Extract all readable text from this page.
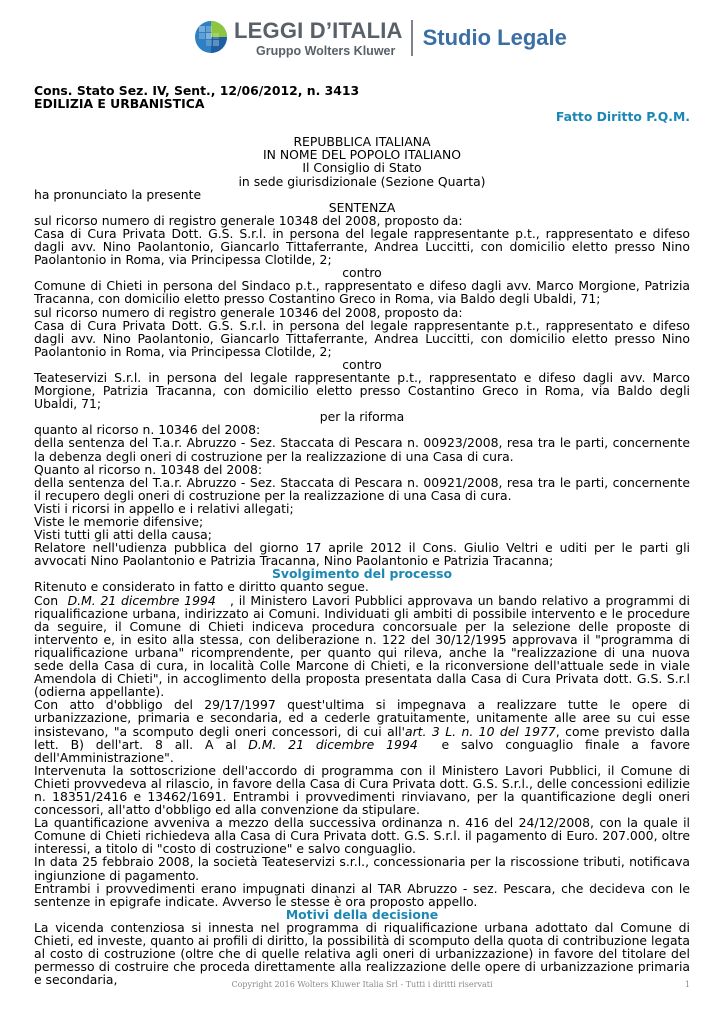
LEGGI D’ITALIA
Gruppo Wolters Kluwer
Studio Legale

Cons. Stato Sez. IV, Sent., 12/06/2012, n. 3413

EDILIZIA E URBANISTICA

Fatto Diritto P.Q.M.

REPUBBLICA ITALIANA

IN NOME DEL POPOLO ITALIANO

Il Consiglio di Stato

in sede giurisdizionale (Sezione Quarta)

ha pronunciato la presente

SENTENZA

sul ricorso numero di registro generale 10348 del 2008, proposto da:

Casa di Cura Privata Dott. G.S. S.r.l. in persona del legale rappresentante p.t., rappresentato e difeso dagli avv. Nino Paolantonio, Giancarlo Tittaferrante, Andrea Luccitti, con domicilio eletto presso Nino Paolantonio in Roma, via Principessa Clotilde, 2;

contro

Comune di Chieti in persona del Sindaco p.t., rappresentato e difeso dagli avv. Marco Morgione, Patrizia Tracanna, con domicilio eletto presso Costantino Greco in Roma, via Baldo degli Ubaldi, 71;

sul ricorso numero di registro generale 10346 del 2008, proposto da:

Casa di Cura Privata Dott. G.S. S.r.l. in persona del legale rappresentante p.t., rappresentato e difeso dagli avv. Nino Paolantonio, Giancarlo Tittaferrante, Andrea Luccitti, con domicilio eletto presso Nino Paolantonio in Roma, via Principessa Clotilde, 2;

contro

Teateservizi S.r.l. in persona del legale rappresentante p.t., rappresentato e difeso dagli avv. Marco Morgione, Patrizia Tracanna, con domicilio eletto presso Costantino Greco in Roma, via Baldo degli Ubaldi, 71;

per la riforma

quanto al ricorso n. 10346 del 2008:

della sentenza del T.a.r. Abruzzo - Sez. Staccata di Pescara n. 00923/2008, resa tra le parti, concernente la debenza degli oneri di costruzione per la realizzazione di una Casa di cura.

Quanto al ricorso n. 10348 del 2008:

della sentenza del T.a.r. Abruzzo - Sez. Staccata di Pescara n. 00921/2008, resa tra le parti, concernente il recupero degli oneri di costruzione per la realizzazione di una Casa di cura.

Visti i ricorsi in appello e i relativi allegati;

Viste le memorie difensive;

Visti tutti gli atti della causa;

Relatore nell'udienza pubblica del giorno 17 aprile 2012 il Cons. Giulio Veltri e uditi per le parti gli avvocati Nino Paolantonio e Patrizia Tracanna, Nino Paolantonio e Patrizia Tracanna;

Svolgimento del processo

Ritenuto e considerato in fatto e diritto quanto segue.

Con D.M. 21 dicembre 1994 , il Ministero Lavori Pubblici approvava un bando relativo a programmi di riqualificazione urbana, indirizzato ai Comuni. Individuati gli ambiti di possibile intervento e le procedure da seguire, il Comune di Chieti indiceva procedura concorsuale per la selezione delle proposte di intervento e, in esito alla stessa, con deliberazione n. 122 del 30/12/1995 approvava il "programma di riqualificazione urbana" ricomprendente, per quanto qui rileva, anche la "realizzazione di una nuova sede della Casa di cura, in località Colle Marcone di Chieti, e la riconversione dell'attuale sede in viale Amendola di Chieti", in accoglimento della proposta presentata dalla Casa di Cura Privata dott. G.S. S.r.l (odierna appellante).

Con atto d'obbligo del 29/17/1997 quest'ultima si impegnava a realizzare tutte le opere di urbanizzazione, primaria e secondaria, ed a cederle gratuitamente, unitamente alle aree su cui esse insistevano, "a scomputo degli oneri concessori, di cui all'art. 3 L. n. 10 del 1977, come previsto dalla lett. B) dell'art. 8 all. A al D.M. 21 dicembre 1994 e salvo conguaglio finale a favore dell'Amministrazione".

Intervenuta la sottoscrizione dell'accordo di programma con il Ministero Lavori Pubblici, il Comune di Chieti provvedeva al rilascio, in favore della Casa di Cura Privata dott. G.S. S.r.l., delle concessioni edilizie n. 18351/2416 e 13462/1691. Entrambi i provvedimenti rinviavano, per la quantificazione degli oneri concessori, all'atto d'obbligo ed alla convenzione da stipulare.

La quantificazione avveniva a mezzo della successiva ordinanza n. 416 del 24/12/2008, con la quale il Comune di Chieti richiedeva alla Casa di Cura Privata dott. G.S. S.r.l. il pagamento di Euro. 207.000, oltre interessi, a titolo di "costo di costruzione" e salvo conguaglio.

In data 25 febbraio 2008, la società Teateservizi s.r.l., concessionaria per la riscossione tributi, notificava ingiunzione di pagamento.

Entrambi i provvedimenti erano impugnati dinanzi al TAR Abruzzo - sez. Pescara, che decideva con le sentenze in epigrafe indicate. Avverso le stesse è ora proposto appello.

Motivi della decisione

La vicenda contenziosa si innesta nel programma di riqualificazione urbana adottato dal Comune di Chieti, ed investe, quanto ai profili di diritto, la possibilità di scomputo della quota di contribuzione legata al costo di costruzione (oltre che di quelle relativa agli oneri di urbanizzazione) in favore del titolare del permesso di costruire che proceda direttamente alla realizzazione delle opere di urbanizzazione primaria e secondaria,	Copyright 2016 Wolters Kluwer Italia Srl - Tutti i diritti riservati	1
